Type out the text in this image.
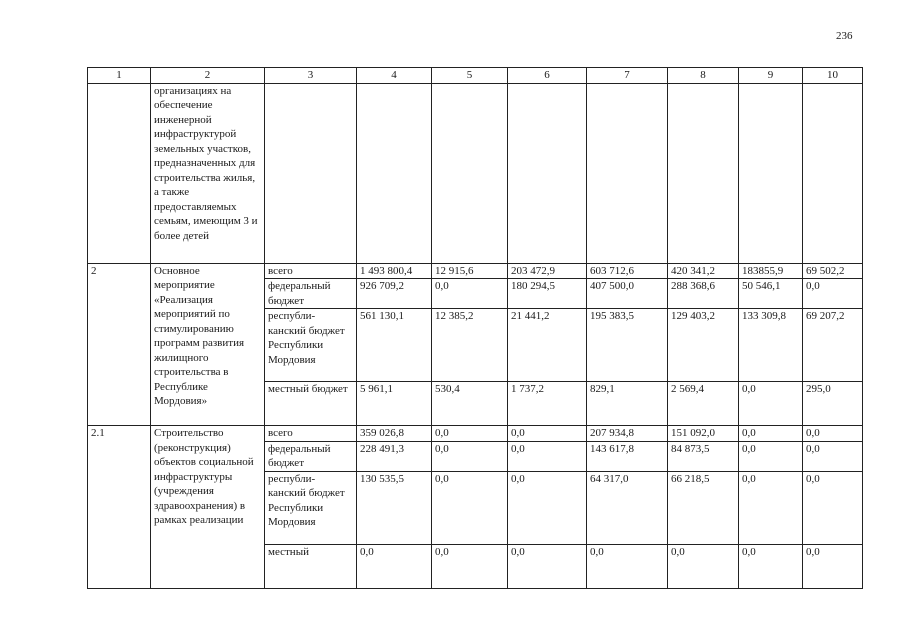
236
1	2	3	4	5	6	7	8	9	10
	организациях на обеспечение инженерной инфраструктурой земельных участков, предназначенных для строительства жилья, а также предоставляемых семьям, имеющим 3 и более детей								
2	Основное мероприятие «Реализация мероприятий по стимулированию программ развития жилищного строительства в Республике Мордовия»	всего	1 493 800,4	12 915,6	203 472,9	603 712,6	420 341,2	183855,9	69 502,2
		федеральный бюджет	926 709,2	0,0	180 294,5	407 500,0	288 368,6	50 546,1	0,0
		республи-канский бюджет Республики Мордовия	561 130,1	12 385,2	21 441,2	195 383,5	129 403,2	133 309,8	69 207,2
		местный бюджет	5 961,1	530,4	1 737,2	829,1	2 569,4	0,0	295,0
2.1	Строительство (реконструкция) объектов социальной инфраструктуры (учреждения здравоохранения) в рамках реализации	всего	359 026,8	0,0	0,0	207 934,8	151 092,0	0,0	0,0
		федеральный бюджет	228 491,3	0,0	0,0	143 617,8	84 873,5	0,0	0,0
		республи-канский бюджет Республики Мордовия	130 535,5	0,0	0,0	64 317,0	66 218,5	0,0	0,0
		местный	0,0	0,0	0,0	0,0	0,0	0,0	0,0
